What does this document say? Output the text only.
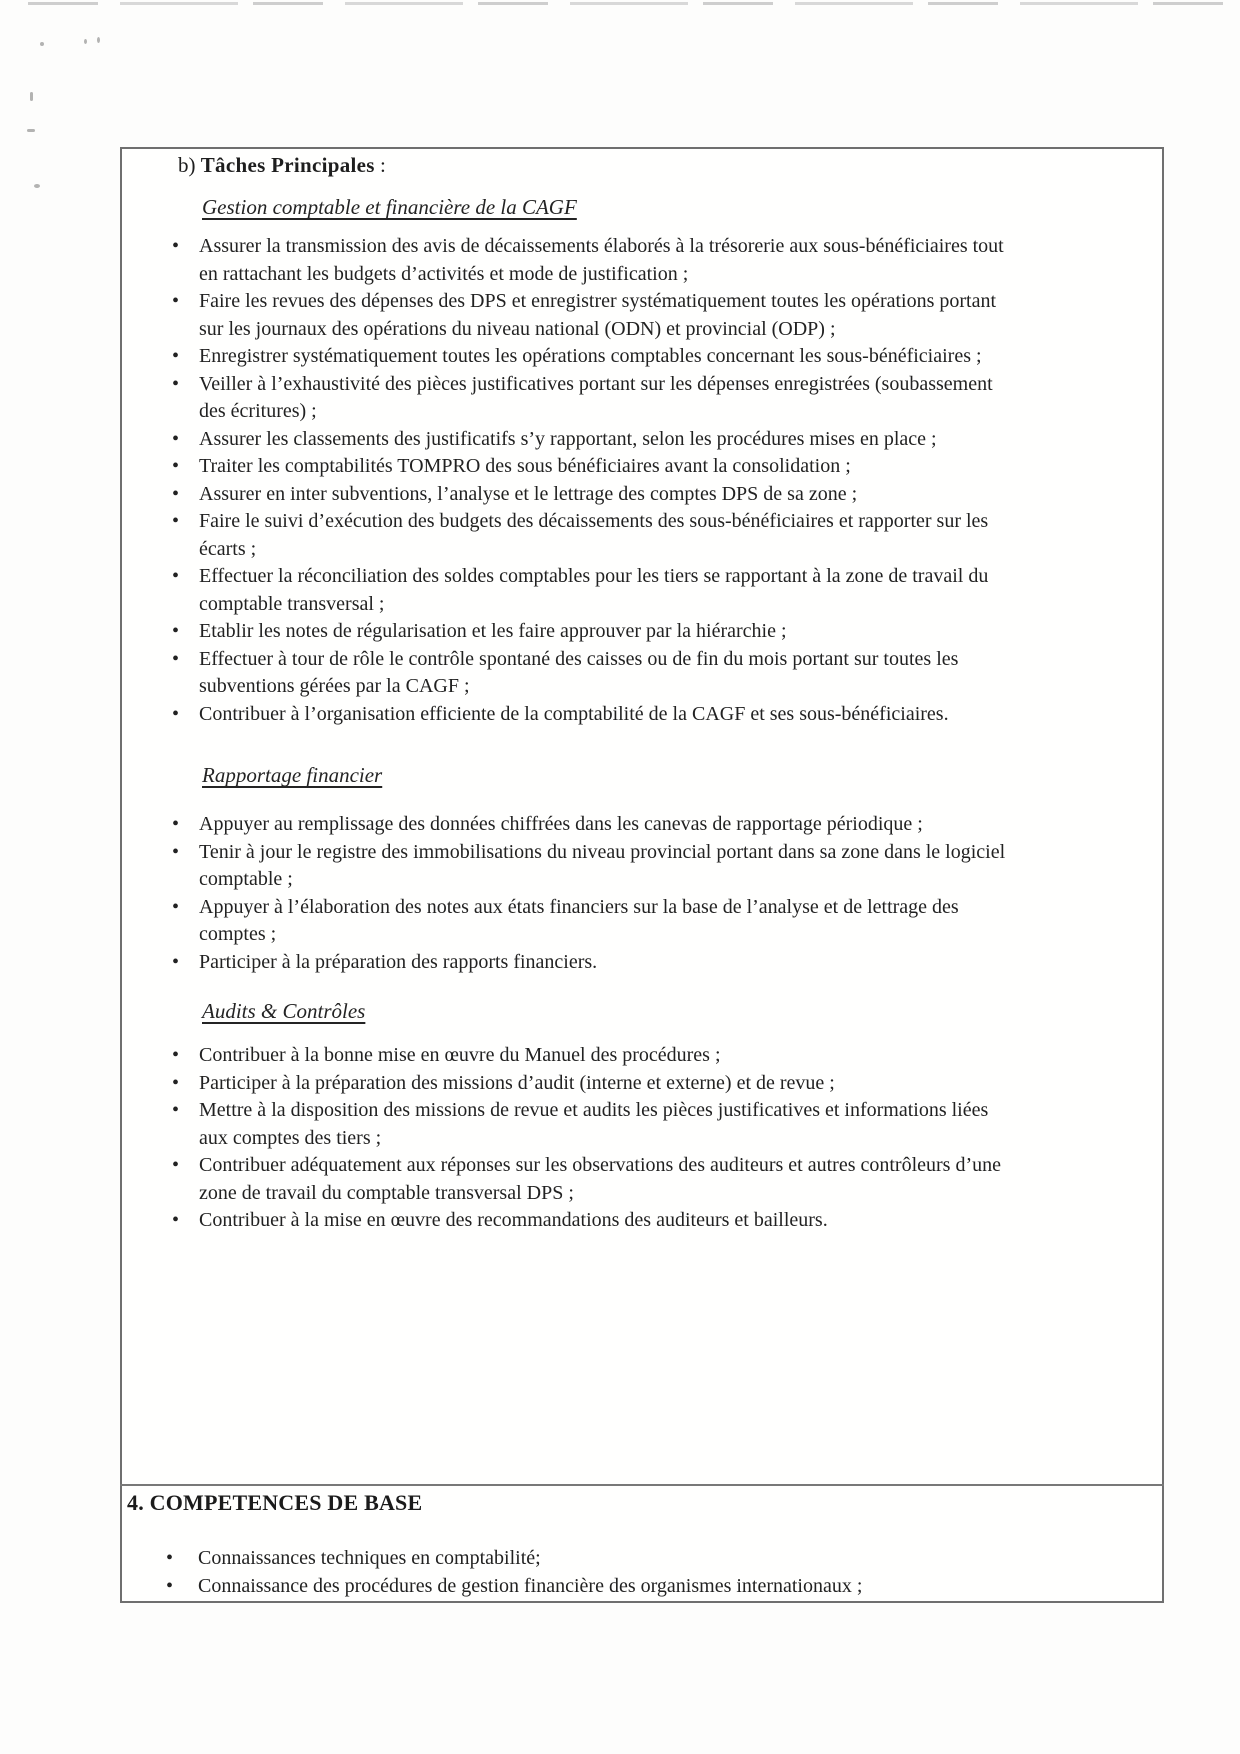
b) Tâches Principales :
Gestion comptable et financière de la CAGF
• Assurer la transmission des avis de décaissements élaborés à la trésorerie aux sous-bénéficiaires tout en rattachant les budgets d’activités et mode de justification ;
• Faire les revues des dépenses des DPS et enregistrer systématiquement toutes les opérations portant sur les journaux des opérations du niveau national (ODN) et provincial (ODP) ;
• Enregistrer systématiquement toutes les opérations comptables concernant les sous-bénéficiaires ;
• Veiller à l’exhaustivité des pièces justificatives portant sur les dépenses enregistrées (soubassement des écritures) ;
• Assurer les classements des justificatifs s’y rapportant, selon les procédures mises en place ;
• Traiter les comptabilités TOMPRO des sous bénéficiaires avant la consolidation ;
• Assurer en inter subventions, l’analyse et le lettrage des comptes DPS de sa zone ;
• Faire le suivi d’exécution des budgets des décaissements des sous-bénéficiaires et rapporter sur les écarts ;
• Effectuer la réconciliation des soldes comptables pour les tiers se rapportant à la zone de travail du comptable transversal ;
• Etablir les notes de régularisation et les faire approuver par la hiérarchie ;
• Effectuer à tour de rôle le contrôle spontané des caisses ou de fin du mois portant sur toutes les subventions gérées par la CAGF ;
• Contribuer à l’organisation efficiente de la comptabilité de la CAGF et ses sous-bénéficiaires.
Rapportage financier
• Appuyer au remplissage des données chiffrées dans les canevas de rapportage périodique ;
• Tenir à jour le registre des immobilisations du niveau provincial portant dans sa zone dans le logiciel comptable ;
• Appuyer à l’élaboration des notes aux états financiers sur la base de l’analyse et de lettrage des comptes ;
• Participer à la préparation des rapports financiers.
Audits & Contrôles
• Contribuer à la bonne mise en œuvre du Manuel des procédures ;
• Participer à la préparation des missions d’audit (interne et externe) et de revue ;
• Mettre à la disposition des missions de revue et audits les pièces justificatives et informations liées aux comptes des tiers ;
• Contribuer adéquatement aux réponses sur les observations des auditeurs et autres contrôleurs d’une zone de travail du comptable transversal DPS ;
• Contribuer à la mise en œuvre des recommandations des auditeurs et bailleurs.
4. COMPETENCES DE BASE
• Connaissances techniques en comptabilité;
• Connaissance des procédures de gestion financière des organismes internationaux ;
